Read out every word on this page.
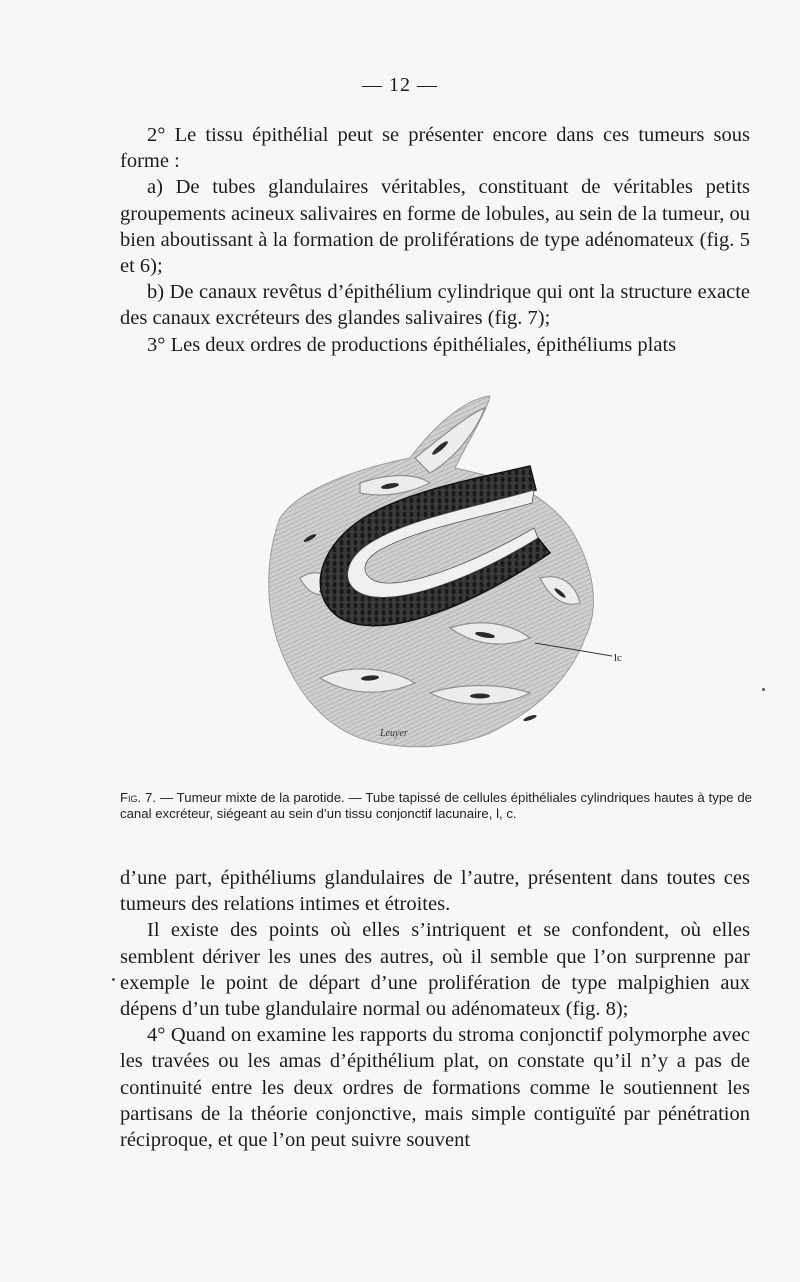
— 12 —

2° Le tissu épithélial peut se présenter encore dans ces tumeurs sous forme :

a) De tubes glandulaires véritables, constituant de véritables petits groupements acineux salivaires en forme de lobules, au sein de la tumeur, ou bien aboutissant à la formation de proliférations de type adénomateux (fig. 5 et 6);

b) De canaux revêtus d’épithélium cylindrique qui ont la structure exacte des canaux excréteurs des glandes salivaires (fig. 7);

3° Les deux ordres de productions épithéliales, épithéliums plats

lc
Leuyer
Fig. 7. — Tumeur mixte de la parotide. — Tube tapissé de cellules épithéliales cylindriques hautes à type de canal excréteur, siégeant au sein d’un tissu conjonctif lacunaire, l, c.

d’une part, épithéliums glandulaires de l’autre, présentent dans toutes ces tumeurs des relations intimes et étroites.

Il existe des points où elles s’intriquent et se confondent, où elles semblent dériver les unes des autres, où il semble que l’on surprenne par exemple le point de départ d’une prolifération de type malpighien aux dépens d’un tube glandulaire normal ou adénomateux (fig. 8);

4° Quand on examine les rapports du stroma conjonctif polymorphe avec les travées ou les amas d’épithélium plat, on constate qu’il n’y a pas de continuité entre les deux ordres de formations comme le soutiennent les partisans de la théorie conjonctive, mais simple contiguïté par pénétration réciproque, et que l’on peut suivre souvent
